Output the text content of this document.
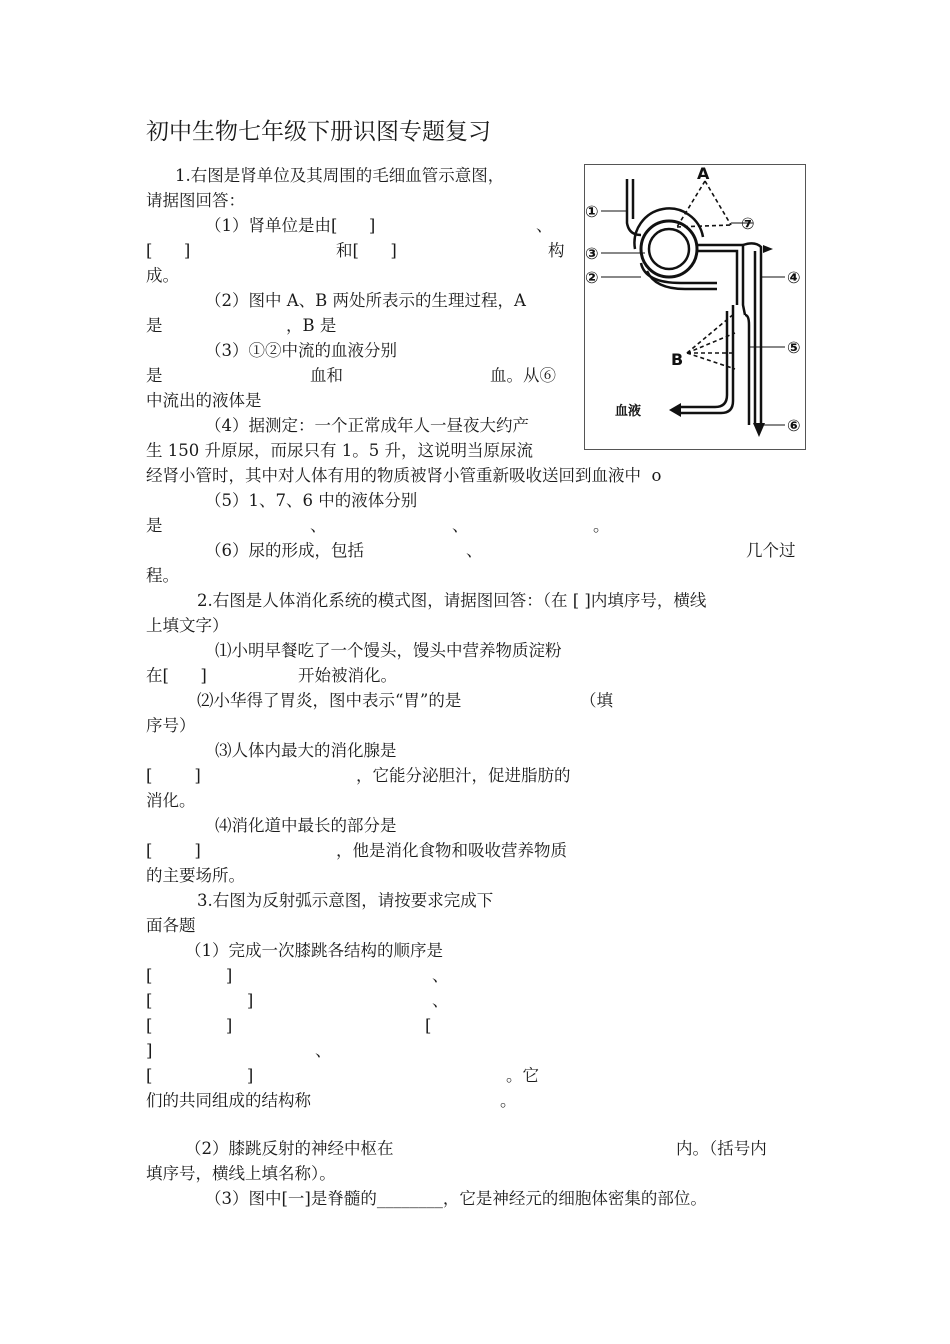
初中生物七年级下册识图专题复习
1.右图是肾单位及其周围的毛细血管示意图，
请据图回答：
（1）肾单位是由[      ]	、
[      ]	和[      ]	构
成。
（2）图中 A、B 两处所表示的生理过程，A
是	，B 是
（3）①②中流的血液分别
是	血和	血。从⑥
中流出的液体是
（4）据测定：一个正常成年人一昼夜大约产
生 150 升原尿，而尿只有 1。5 升，这说明当原尿流
经肾小管时，其中对人体有用的物质被肾小管重新吸收送回到血液中  o
（5）1、7、6 中的液体分别
是	、	、	。
（6）尿的形成，包括	、	几个过
程。
2.右图是人体消化系统的模式图，请据图回答：（在 [ ]内填序号，横线
上填文字）
⑴小明早餐吃了一个馒头，馒头中营养物质淀粉
在[      ]	开始被消化。
⑵小华得了胃炎，图中表示“胃”的是	（填
序号）
⑶人体内最大的消化腺是
[        ]	，它能分泌胆汁，促进脂肪的
消化。
⑷消化道中最长的部分是
[        ]	，他是消化食物和吸收营养物质
的主要场所。
3.右图为反射弧示意图，请按要求完成下
面各题
（1）完成一次膝跳各结构的顺序是
[              ]	、
[                  ]	、
[              ]	[
]	、
[                  ]	。它
们的共同组成的结构称	。
（2）膝跳反射的神经中枢在	内。（括号内
填序号，横线上填名称）。
（3）图中[一]是脊髓的________，它是神经元的细胞体密集的部位。
A
B
①
③
②
⑦
④
⑤
⑥
血液
